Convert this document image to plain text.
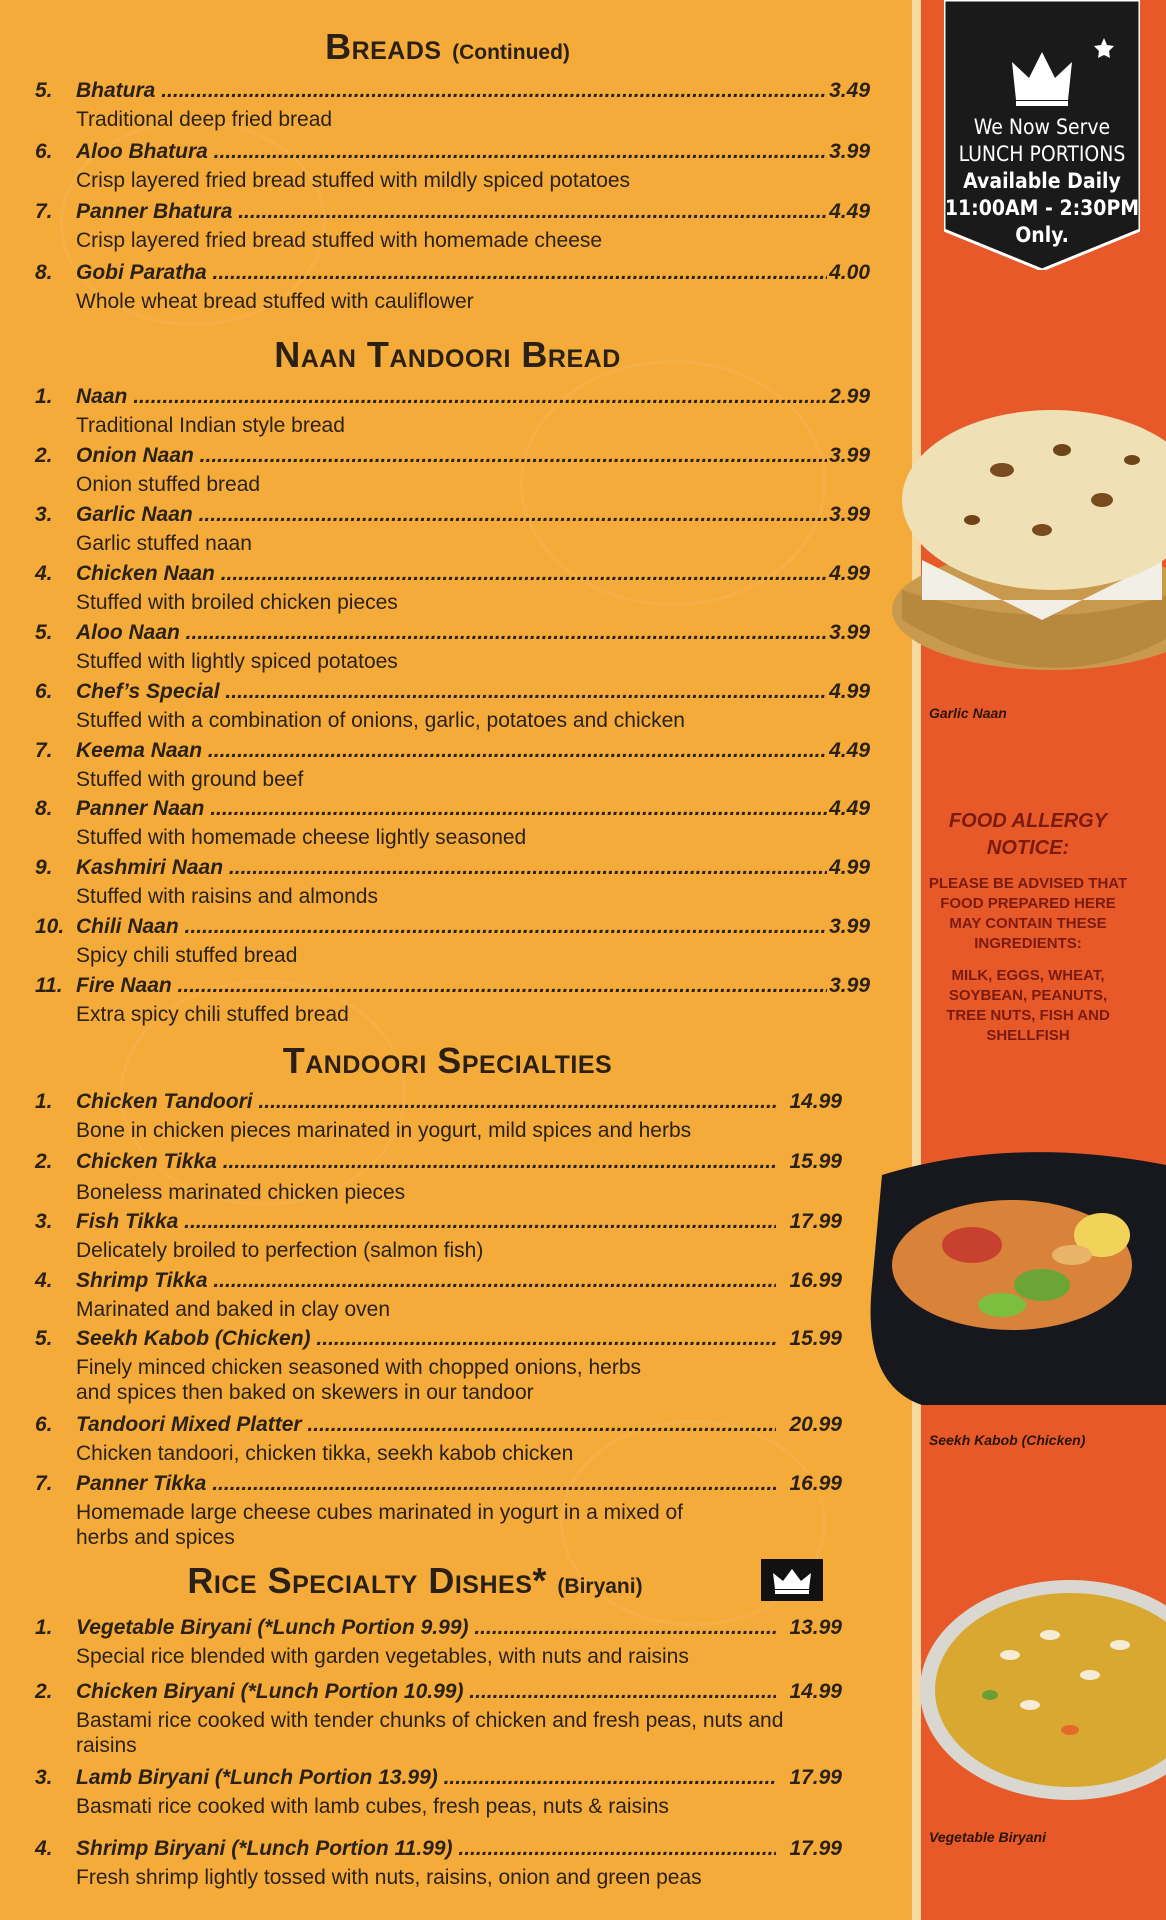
Breads (Continued)
Naan Tandoori Bread
Tandoori Specialties
Rice Specialty Dishes* (Biryani)
5. Bhatura .....	3.49
Traditional deep fried bread
6. Aloo Bhatura .....	3.99
Crisp layered fried bread stuffed with mildly spiced potatoes
7. Panner Bhatura .....	4.49
Crisp layered fried bread stuffed with homemade cheese
8. Gobi Paratha .....	4.00
Whole wheat bread stuffed with cauliflower
1. Naan .....	2.99
Traditional Indian style bread
2. Onion Naan .....	3.99
Onion stuffed bread
3. Garlic Naan .....	3.99
Garlic stuffed naan
4. Chicken Naan .....	4.99
Stuffed with broiled chicken pieces
5. Aloo Naan .....	3.99
Stuffed with lightly spiced potatoes
6. Chef’s Special .....	4.99
Stuffed with a combination of onions, garlic, potatoes and chicken
7. Keema Naan .....	4.49
Stuffed with ground beef
8. Panner Naan .....	4.49
Stuffed with homemade cheese lightly seasoned
9. Kashmiri Naan .....	4.99
Stuffed with raisins and almonds
10. Chili Naan .....	3.99
Spicy chili stuffed bread
11. Fire Naan .....	3.99
Extra spicy chili stuffed bread
1. Chicken Tandoori .....	14.99
Bone in chicken pieces marinated in yogurt, mild spices and herbs
2. Chicken Tikka .....	15.99
Boneless marinated chicken pieces
3. Fish Tikka .....	17.99
Delicately broiled to perfection (salmon fish)
4. Shrimp Tikka .....	16.99
Marinated and baked in clay oven
5. Seekh Kabob (Chicken) .....	15.99
Finely minced chicken seasoned with chopped onions, herbs and spices then baked on skewers in our tandoor
6. Tandoori Mixed Platter .....	20.99
Chicken tandoori, chicken tikka, seekh kabob chicken
7. Panner Tikka .....	16.99
Homemade large cheese cubes marinated in yogurt in a mixed of herbs and spices
1. Vegetable Biryani (*Lunch Portion 9.99) .....	13.99
Special rice blended with garden vegetables, with nuts and raisins
2. Chicken Biryani (*Lunch Portion 10.99) .....	14.99
Bastami rice cooked with tender chunks of chicken and fresh peas, nuts and raisins
3. Lamb Biryani (*Lunch Portion 13.99) .....	17.99
Basmati rice cooked with lamb cubes, fresh peas, nuts & raisins
4. Shrimp Biryani (*Lunch Portion 11.99) .....	17.99
Fresh shrimp lightly tossed with nuts, raisins, onion and green peas
We Now Serve
LUNCH PORTIONS
Available Daily
11:00AM - 2:30PM
Only.
Garlic Naan
Seekh Kabob (Chicken)
Vegetable Biryani
FOOD ALLERGY NOTICE:
PLEASE BE ADVISED THAT FOOD PREPARED HERE MAY CONTAIN THESE INGREDIENTS:
MILK, EGGS, WHEAT, SOYBEAN, PEANUTS, TREE NUTS, FISH AND SHELLFISH
